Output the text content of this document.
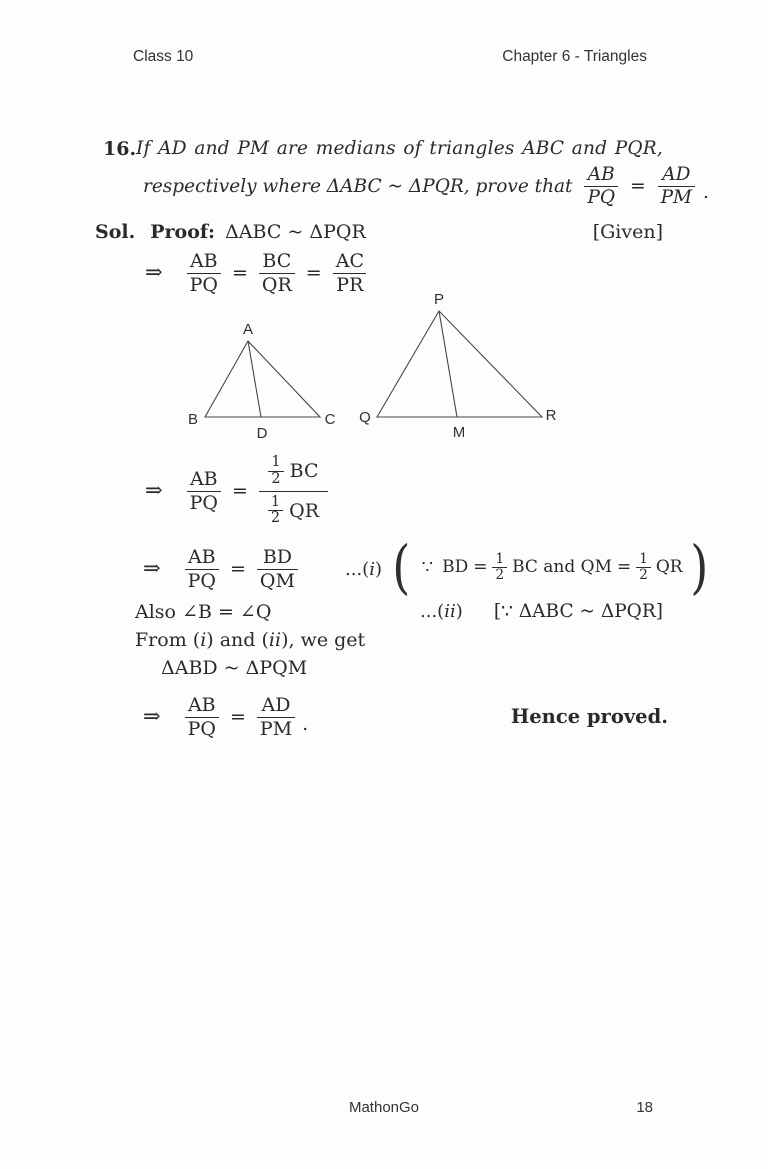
Class 10	Chapter 6 - Triangles
16. If AD and PM are medians of triangles ABC and PQR,
respectively where ΔABC ~ ΔPQR, prove that $\frac{AB}{PQ} = \frac{AD}{PM}$ .
Sol. Proof: ΔABC ~ ΔPQR	[Given]
⇒ $\frac{AB}{PQ} = \frac{BC}{QR} = \frac{AC}{PR}$
A
B	C
D
P
Q	R
M
⇒ $\frac{AB}{PQ} = 1$
2 BC
1
2 QR
⇒ $\frac{AB}{PQ} = \frac{BD}{QM}$	...(i) ( ∵ BD = $\frac{1}{2}$ BC and QM = $\frac{1}{2}$ QR )
Also ∠B = ∠Q	...(ii) [∵ ΔABC ~ ΔPQR]
From (i) and (ii), we get
ΔABD ~ ΔPQM
⇒ $\frac{AB}{PQ} = \frac{AD}{PM}$ .	Hence proved.
MathonGo	18
